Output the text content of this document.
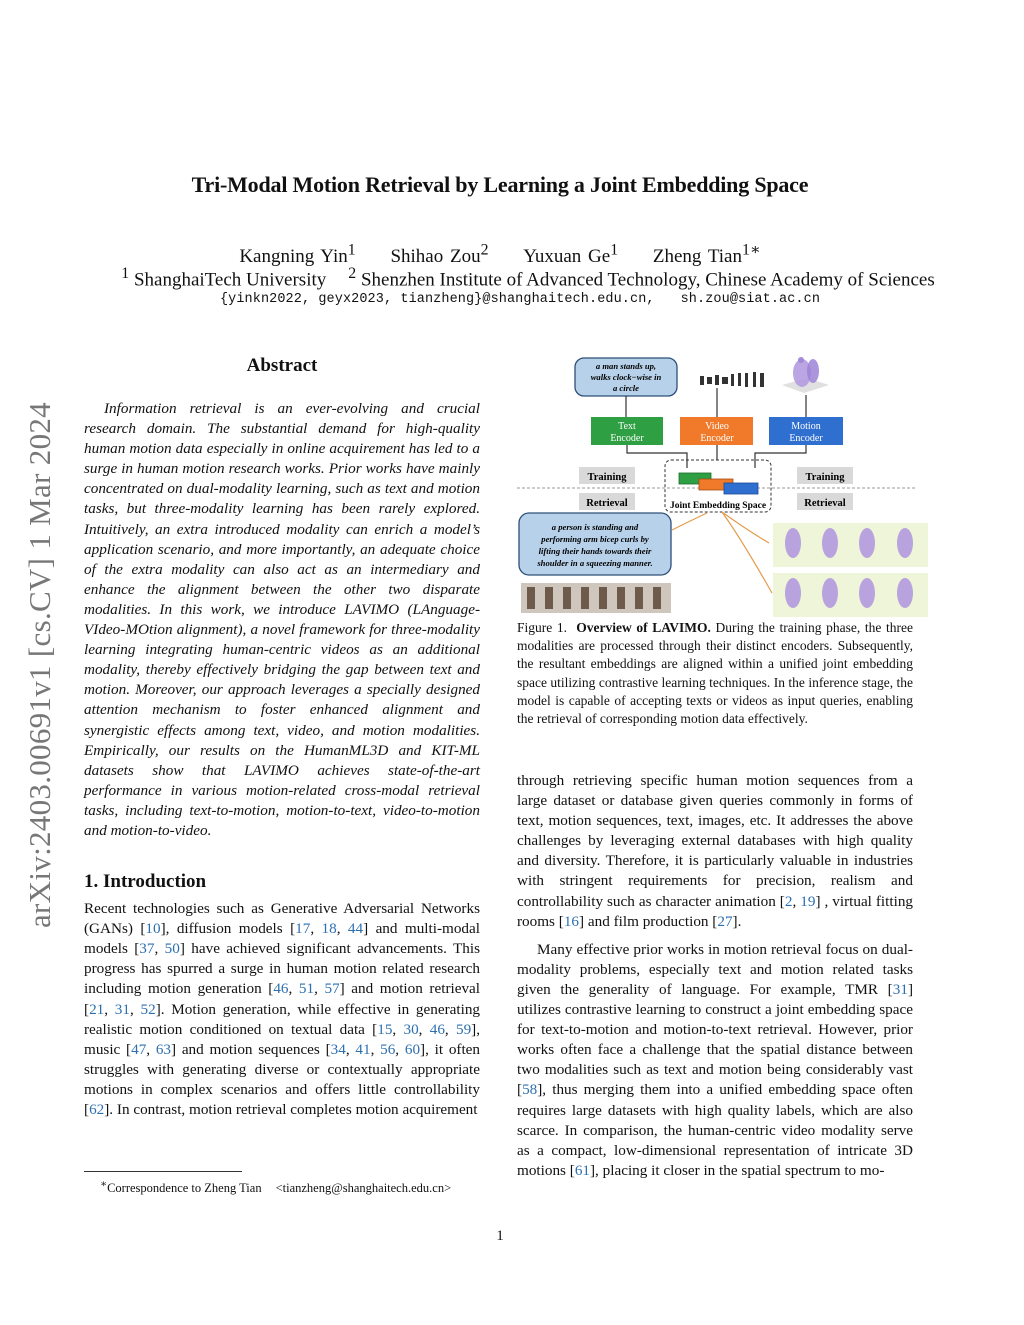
Tri-Modal Motion Retrieval by Learning a Joint Embedding Space
Kangning Yin$^1$ Shihao Zou$^2$ Yuxuan Ge$^1$ Zheng Tian$^{1∗}$
$^1$ ShanghaiTech University $^2$ Shenzhen Institute of Advanced Technology, Chinese Academy of Sciences
{yinkn2022, geyx2023, tianzheng}@shanghaitech.edu.cn, sh.zou@siat.ac.cn
arXiv:2403.00691v1 [cs.CV] 1 Mar 2024
Abstract

Information retrieval is an ever-evolving and crucial research domain. The substantial demand for high-quality human motion data especially in online acquirement has led to a surge in human motion research works. Prior works have mainly concentrated on dual-modality learning, such as text and motion tasks, but three-modality learning has been rarely explored. Intuitively, an extra introduced modality can enrich a model’s application scenario, and more importantly, an adequate choice of the extra modality can also act as an intermediary and enhance the alignment between the other two disparate modalities. In this work, we introduce LAVIMO (LAnguage-VIdeo-MOtion alignment), a novel framework for three-modality learning integrating human-centric videos as an additional modality, thereby effectively bridging the gap between text and motion. Moreover, our approach leverages a specially designed attention mechanism to foster enhanced alignment and synergistic effects among text, video, and motion modalities. Empirically, our results on the HumanML3D and KIT-ML datasets show that LAVIMO achieves state-of-the-art performance in various motion-related cross-modal retrieval tasks, including text-to-motion, motion-to-text, video-to-motion and motion-to-video.

1. Introduction

Recent technologies such as Generative Adversarial Networks (GANs) [10], diffusion models [17, 18, 44] and multi-modal models [37, 50] have achieved significant advancements. This progress has spurred a surge in human motion related research including motion generation [46, 51, 57] and motion retrieval [21, 31, 52]. Motion generation, while effective in generating realistic motion conditioned on textual data [15, 30, 46, 59], music [47, 63] and motion sequences [34, 41, 56, 60], it often struggles with generating diverse or contextually appropriate motions in complex scenarios and offers little controllability [62]. In contrast, motion retrieval completes motion acquirement

∗Correspondence to Zheng Tian <tianzheng@shanghaitech.edu.cn>
a man stands up,
walks clock−wise in
a circle
Text
Encoder
Video
Encoder
Motion
Encoder
Training	Training
Retrieval	Retrieval
Joint Embedding Space
a person is standing and
performing arm bicep curls by
lifting their hands towards their
shoulder in a squeezing manner.
Figure 1. Overview of LAVIMO. During the training phase, the three modalities are processed through their distinct encoders. Subsequently, the resultant embeddings are aligned within a unified joint embedding space utilizing contrastive learning techniques. In the inference stage, the model is capable of accepting texts or videos as input queries, enabling the retrieval of corresponding motion data effectively.

through retrieving specific human motion sequences from a large dataset or database given queries commonly in forms of text, motion sequences, text, images, etc. It addresses the above challenges by leveraging external databases with high quality and diversity. Therefore, it is particularly valuable in industries with stringent requirements for precision, realism and controllability such as character animation [2, 19] , virtual fitting rooms [16] and film production [27].

Many effective prior works in motion retrieval focus on dual-modality problems, especially text and motion related tasks given the generality of language. For example, TMR [31] utilizes contrastive learning to construct a joint embedding space for text-to-motion and motion-to-text retrieval. However, prior works often face a challenge that the spatial distance between two modalities such as text and motion being considerably vast [58], thus merging them into a unified embedding space often requires large datasets with high quality labels, which are also scarce. In comparison, the human-centric video modality serve as a compact, low-dimensional representation of intricate 3D motions [61], placing it closer in the spatial spectrum to mo-

1
